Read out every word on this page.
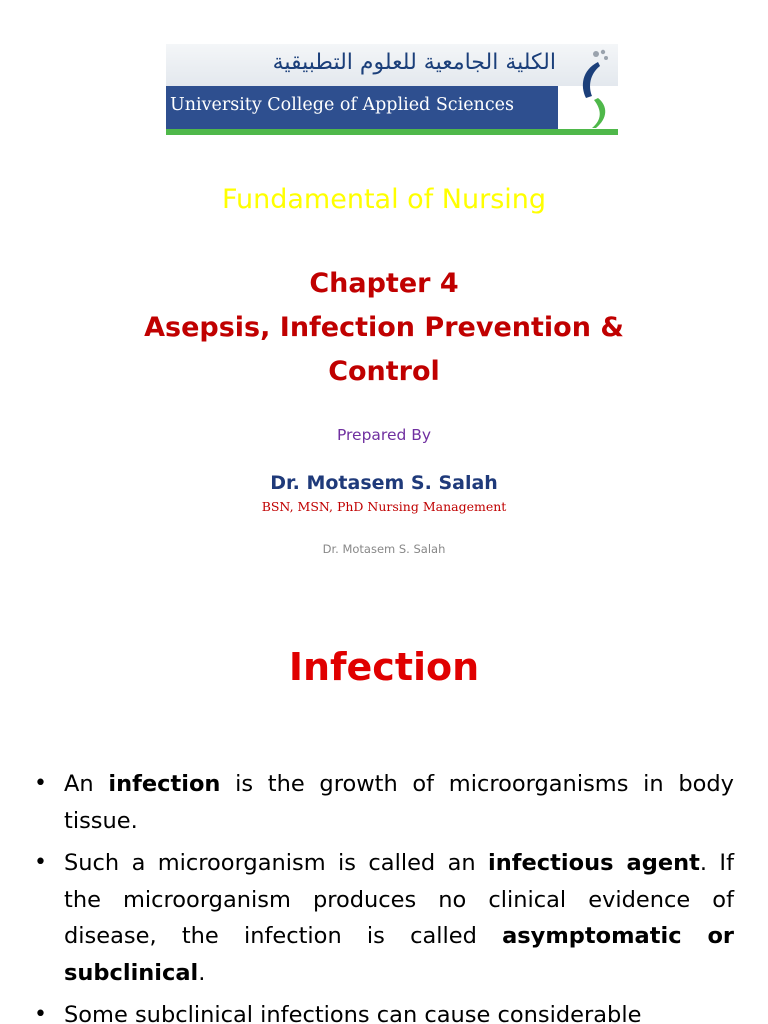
الكلية الجامعية للعلوم التطبيقية
University College of Applied Sciences
Fundamental of Nursing
Chapter 4
Asepsis, Infection Prevention &
Control
Prepared By
Dr. Motasem S. Salah
BSN, MSN, PhD Nursing Management
Dr. Motasem S. Salah
Infection
• An infection is the growth of microorganisms in body tissue.
• Such a microorganism is called an infectious agent. If the microorganism produces no clinical evidence of disease, the infection is called asymptomatic or subclinical.
• Some subclinical infections can cause considerable
